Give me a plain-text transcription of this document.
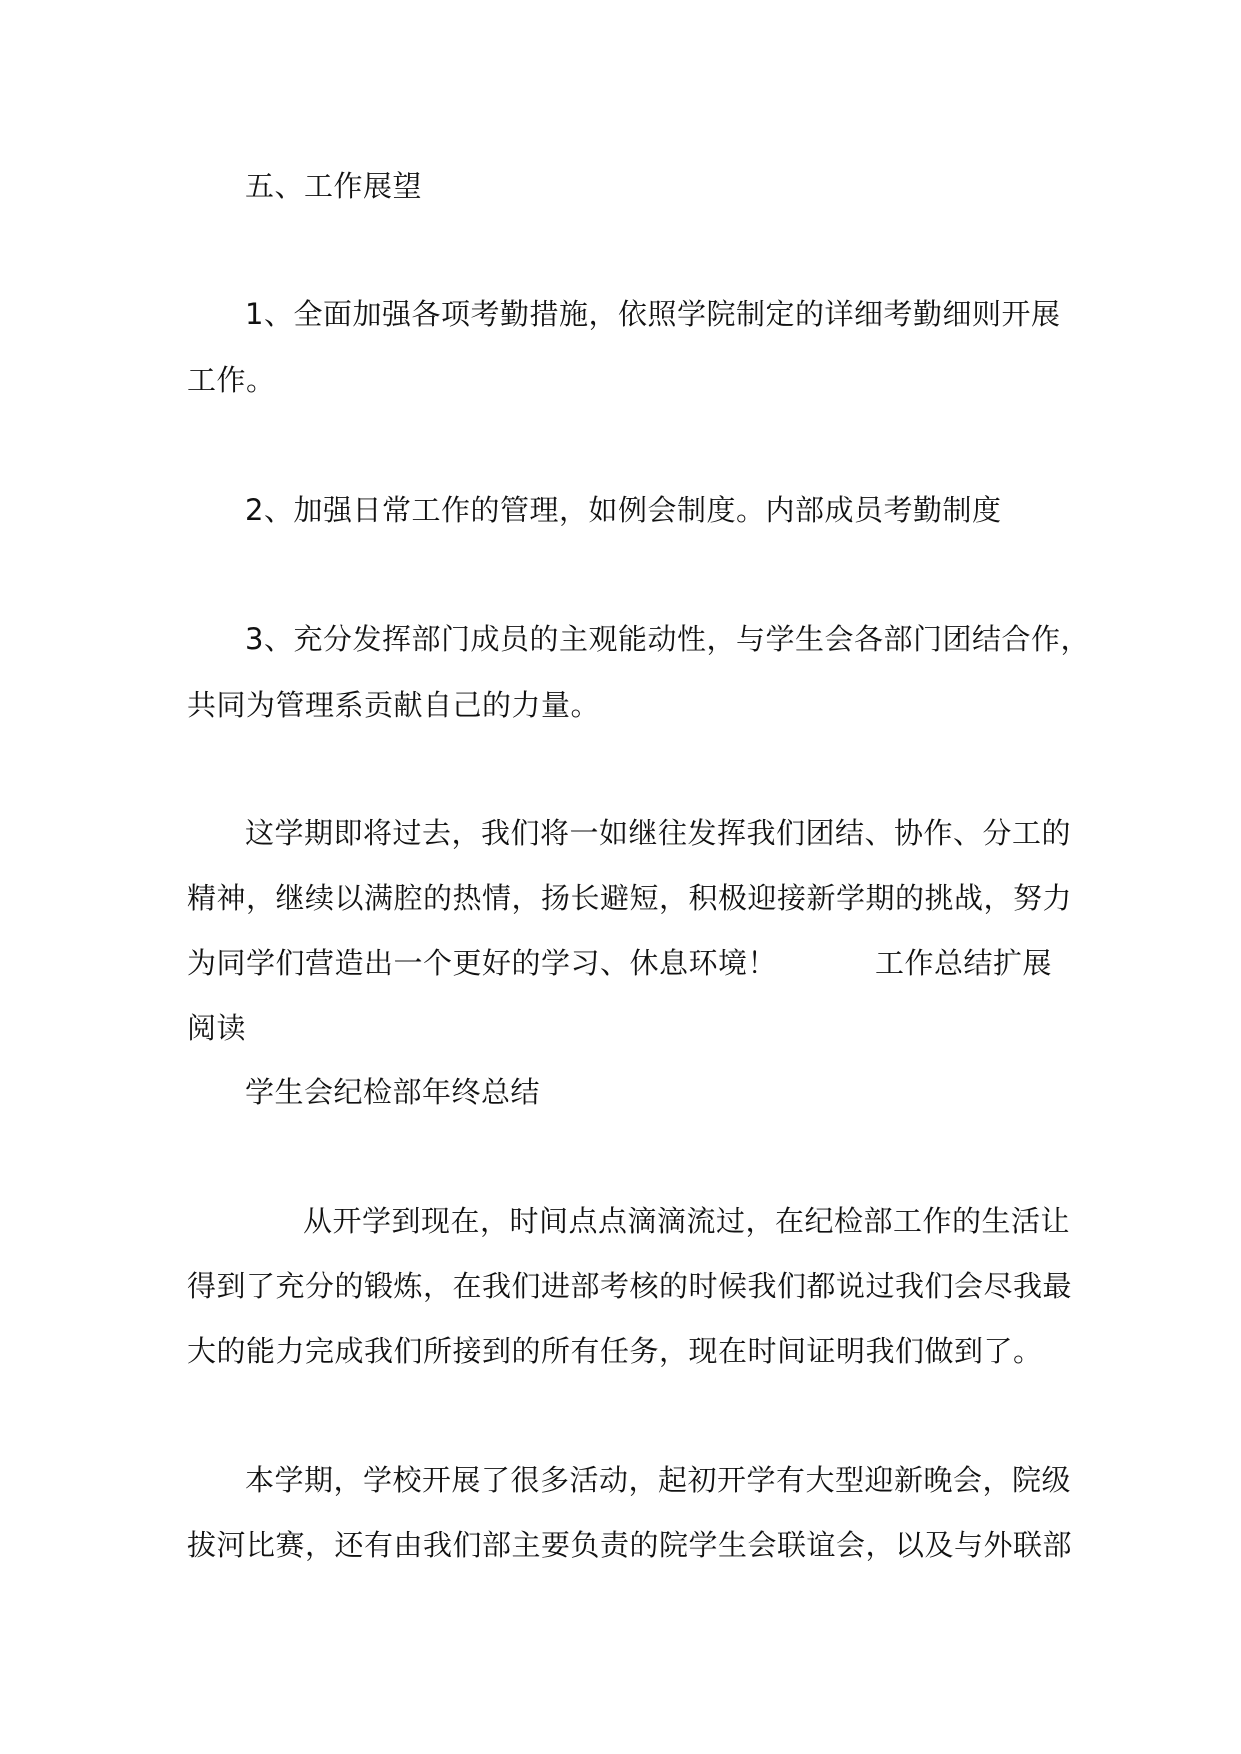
五、工作展望
1、全面加强各项考勤措施，依照学院制定的详细考勤细则开展
工作。
2、加强日常工作的管理，如例会制度。内部成员考勤制度
3、充分发挥部门成员的主观能动性，与学生会各部门团结合作，
共同为管理系贡献自己的力量。
这学期即将过去，我们将一如继往发挥我们团结、协作、分工的
精神，继续以满腔的热情，扬长避短，积极迎接新学期的挑战，努力
为同学们营造出一个更好的学习、休息环境！	工作总结扩展
阅读
学生会纪检部年终总结
从开学到现在，时间点点滴滴流过，在纪检部工作的生活让
得到了充分的锻炼，在我们进部考核的时候我们都说过我们会尽我最
大的能力完成我们所接到的所有任务，现在时间证明我们做到了。
本学期，学校开展了很多活动，起初开学有大型迎新晚会，院级
拔河比赛，还有由我们部主要负责的院学生会联谊会，以及与外联部
